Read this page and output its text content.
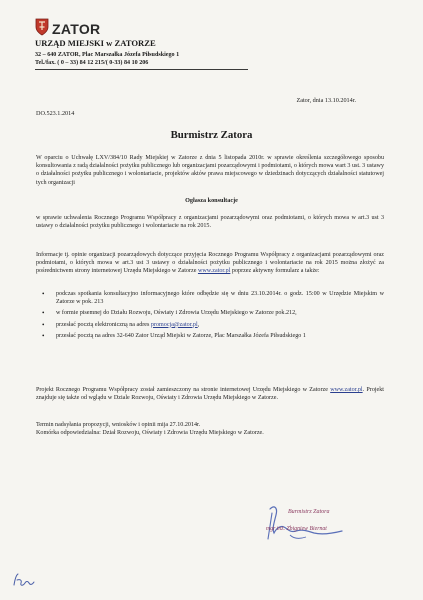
ZATOR
URZĄD MIEJSKI w ZATORZE
32 – 640 ZATOR, Plac Marszałka Józefa Piłsudskiego 1
Tel./fax. ( 0 – 33) 84 12 215/( 0-33) 84 10 206
Zator, dnia 13.10.2014r.
DO.523.1.2014
Burmistrz Zatora
W oparciu o Uchwałę LXV/384/10 Rady Miejskiej w Zatorze z dnia 5 listopada 2010r. w sprawie określenia szczegółowego sposobu konsultowania z radą działalności pożytku publicznego lub organizacjami pozarządowymi i podmiotami, o których mowa wart 3 ust. 3 ustawy o działalności pożytku publicznego i wolontariacie, projektów aktów prawa miejscowego w dziedzinach dotyczących działalności statutowej tych organizacji
Ogłasza konsultacje
w sprawie uchwalenia Rocznego Programu Współpracy z organizacjami pozarządowymi oraz podmiotami, o których mowa w art.3 ust 3 ustawy o działalności pożytku publicznego i wolontariacie na rok 2015.
Informacje tj. opinie organizacji pozarządowych dotyczące przyjęcia Rocznego Programu Współpracy z organizacjami pozarządowymi oraz podmiotami, o których mowa w art.3 ust 3 ustawy o działalności pożytku publicznego i wolontariacie na rok 2015 można złożyć za pośrednictwem strony internetowej Urzędu Miejskiego w Zatorze www.zator.pl poprzez aktywny formularz a także:
• podczas spotkania konsultacyjno informacyjnego które odbędzie się w dniu 23.10.2014r. o godz. 15:00 w Urzędzie Miejskim w Zatorze w pok. 213
• w formie pisemnej do Działu Rozwoju, Oświaty i Zdrowia Urzędu Miejskiego w Zatorze pok.212,
• przesłać pocztą elektroniczną na adres promocja@zator.pl,
• przesłać pocztą na adres 32-640 Zator Urząd Miejski w Zatorze, Plac Marszałka Józefa Piłsudskiego 1
Projekt Rocznego Programu Współpracy został zamieszczony na stronie internetowej Urzędu Miejskiego w Zatorze www.zator.pl. Projekt znajduje się także od wglądu w Dziale Rozwoju, Oświaty i Zdrowia Urzędu Miejskiego w Zatorze.
Termin nadsyłania propozycji, wniosków i opinii mija 27.10.2014r.
Komórka odpowiedzialna: Dział Rozwoju, Oświaty i Zdrowia Urzędu Miejskiego w Zatorze.
Burmistrz Zatora
mgr inż. Zbigniew Biernat
